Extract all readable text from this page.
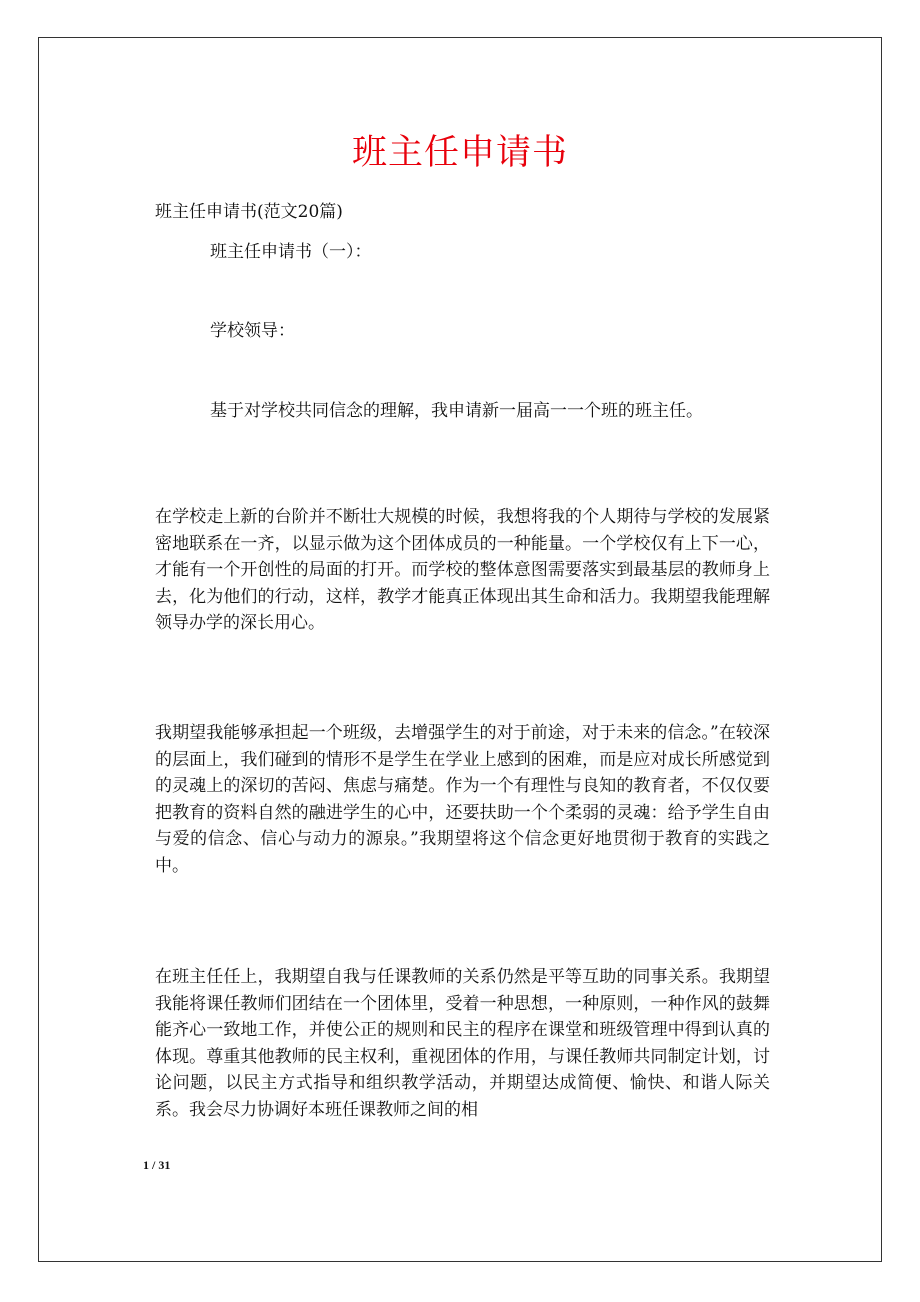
班主任申请书
班主任申请书(范文20篇)
班主任申请书（一）：
学校领导：
基于对学校共同信念的理解，我申请新一届高一一个班的班主任。

在学校走上新的台阶并不断壮大规模的时候，我想将我的个人期待与学校的发展紧密地联系在一齐，以显示做为这个团体成员的一种能量。一个学校仅有上下一心，才能有一个开创性的局面的打开。而学校的整体意图需要落实到最基层的教师身上去，化为他们的行动，这样，教学才能真正体现出其生命和活力。我期望我能理解领导办学的深长用心。

我期望我能够承担起一个班级，去增强学生的对于前途，对于未来的信念。”在较深的层面上，我们碰到的情形不是学生在学业上感到的困难，而是应对成长所感觉到的灵魂上的深切的苦闷、焦虑与痛楚。作为一个有理性与良知的教育者，不仅仅要把教育的资料自然的融进学生的心中，还要扶助一个个柔弱的灵魂：给予学生自由与爱的信念、信心与动力的源泉。”我期望将这个信念更好地贯彻于教育的实践之中。

在班主任任上，我期望自我与任课教师的关系仍然是平等互助的同事关系。我期望我能将课任教师们团结在一个团体里，受着一种思想，一种原则，一种作风的鼓舞能齐心一致地工作，并使公正的规则和民主的程序在课堂和班级管理中得到认真的体现。尊重其他教师的民主权利，重视团体的作用，与课任教师共同制定计划，讨论问题，以民主方式指导和组织教学活动，并期望达成简便、愉快、和谐人际关系。我会尽力协调好本班任课教师之间的相

1 / 31
